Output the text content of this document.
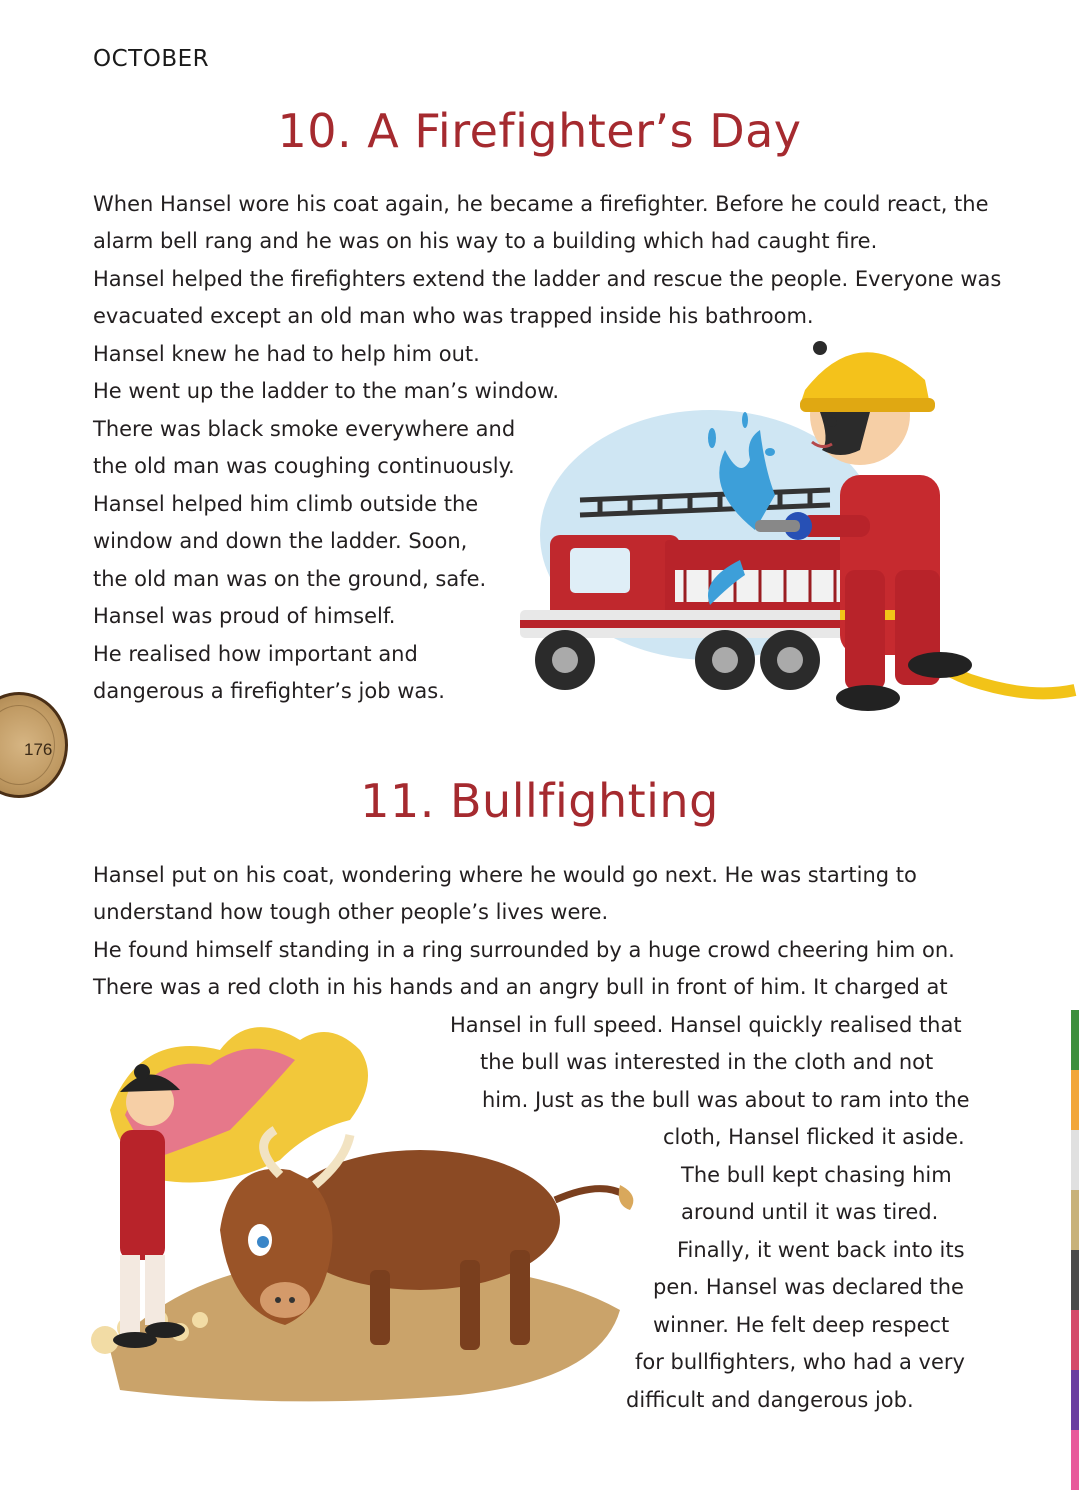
OCTOBER
10. A Firefighter’s Day
When Hansel wore his coat again, he became a firefighter. Before he could react, the
alarm bell rang and he was on his way to a building which had caught fire.
Hansel helped the firefighters extend the ladder and rescue the people. Everyone was
evacuated except an old man who was trapped inside his bathroom.
Hansel knew he had to help him out.
He went up the ladder to the man’s window.
There was black smoke everywhere and
the old man was coughing continuously.
Hansel helped him climb outside the
window and down the ladder. Soon,
the old man was on the ground, safe.
Hansel was proud of himself.
He realised how important and
dangerous a firefighter’s job was.
176
11. Bullfighting
Hansel put on his coat, wondering where he would go next. He was starting to
understand how tough other people’s lives were.
He found himself standing in a ring surrounded by a huge crowd cheering him on.
There was a red cloth in his hands and an angry bull in front of him. It charged at
Hansel in full speed. Hansel quickly realised that
the bull was interested in the cloth and not
him. Just as the bull was about to ram into the
cloth, Hansel flicked it aside.
The bull kept chasing him
around until it was tired.
Finally, it went back into its
pen. Hansel was declared the
winner. He felt deep respect
for bullfighters, who had a very
difficult and dangerous job.
